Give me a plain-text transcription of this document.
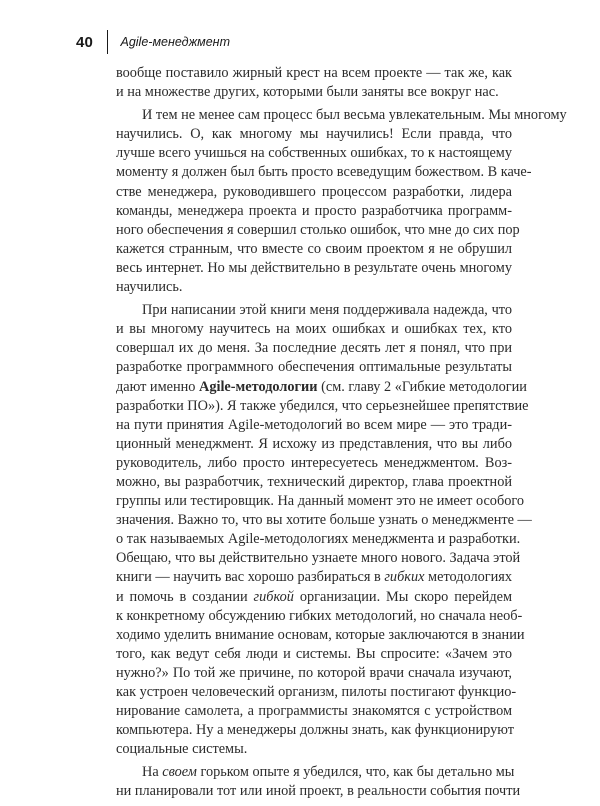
40 Agile-менеджмент
вообще поставило жирный крест на всем проекте — так же, как
и на множестве других, которыми были заняты все вокруг нас.
И тем не менее сам процесс был весьма увлекательным. Мы многому
научились. О, как многому мы научились! Если правда, что
лучше всего учишься на собственных ошибках, то к настоящему
моменту я должен был быть просто всеведущим божеством. В каче-
стве менеджера, руководившего процессом разработки, лидера
команды, менеджера проекта и просто разработчика программ-
ного обеспечения я совершил столько ошибок, что мне до сих пор
кажется странным, что вместе со своим проектом я не обрушил
весь интернет. Но мы действительно в результате очень многому
научились.
При написании этой книги меня поддерживала надежда, что
и вы многому научитесь на моих ошибках и ошибках тех, кто
совершал их до меня. За последние десять лет я понял, что при
разработке программного обеспечения оптимальные результаты
дают именно Agile-методологии (см. главу 2 «Гибкие методологии
разработки ПО»). Я также убедился, что серьезнейшее препятствие
на пути принятия Agile-методологий во всем мире — это тради-
ционный менеджмент. Я исхожу из представления, что вы либо
руководитель, либо просто интересуетесь менеджментом. Воз-
можно, вы разработчик, технический директор, глава проектной
группы или тестировщик. На данный момент это не имеет особого
значения. Важно то, что вы хотите больше узнать о менеджменте —
о так называемых Agile-методологиях менеджмента и разработки.
Обещаю, что вы действительно узнаете много нового. Задача этой
книги — научить вас хорошо разбираться в гибких методологиях
и помочь в создании гибкой организации. Мы скоро перейдем
к конкретному обсуждению гибких методологий, но сначала необ-
ходимо уделить внимание основам, которые заключаются в знании
того, как ведут себя люди и системы. Вы спросите: «Зачем это
нужно?» По той же причине, по которой врачи сначала изучают,
как устроен человеческий организм, пилоты постигают функцио-
нирование самолета, а программисты знакомятся с устройством
компьютера. Ну а менеджеры должны знать, как функционируют
социальные системы.
На своем горьком опыте я убедился, что, как бы детально мы
ни планировали тот или иной проект, в реальности события почти
